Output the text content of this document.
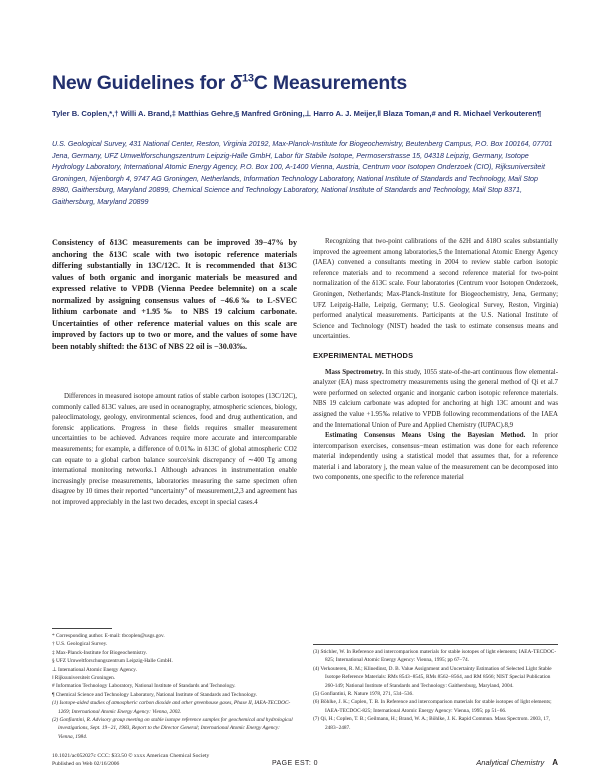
New Guidelines for $\delta^{13}C$ Measurements
Tyler B. Coplen,*,† Willi A. Brand,‡ Matthias Gehre,§ Manfred Gröning,⊥ Harro A. J. Meijer,‖ Blaza Toman,# and R. Michael Verkouteren¶
U.S. Geological Survey, 431 National Center, Reston, Virginia 20192, Max-Planck-Institute for Biogeochemistry, Beutenberg Campus, P.O. Box 100164, 07701 Jena, Germany, UFZ Umweltforschungszentrum Leipzig-Halle GmbH, Labor für Stabile Isotope, Permoserstrasse 15, 04318 Leipzig, Germany, Isotope Hydrology Laboratory, International Atomic Energy Agency, P.O. Box 100, A-1400 Vienna, Austria, Centrum voor Isotopen Onderzoek (CIO), Rijksuniversiteit Groningen, Nijenborgh 4, 9747 AG Groningen, Netherlands, Information Technology Laboratory, National Institute of Standards and Technology, Mail Stop 8980, Gaithersburg, Maryland 20899, Chemical Science and Technology Laboratory, National Institute of Standards and Technology, Mail Stop 8371, Gaithersburg, Maryland 20899
Consistency of δ13C measurements can be improved 39−47% by anchoring the δ13C scale with two isotopic reference materials differing substantially in 13C/12C. It is recommended that δ13C values of both organic and inorganic materials be measured and expressed relative to VPDB (Vienna Peedee belemnite) on a scale normalized by assigning consensus values of −46.6‰ to L-SVEC lithium carbonate and +1.95‰ to NBS 19 calcium carbonate. Uncertainties of other reference material values on this scale are improved by factors up to two or more, and the values of some have been notably shifted: the δ13C of NBS 22 oil is −30.03‰.

Differences in measured isotope amount ratios of stable carbon isotopes (13C/12C), commonly called δ13C values, are used in oceanography, atmospheric sciences, biology, paleoclimatology, geology, environmental sciences, food and drug authentication, and forensic applications. Progress in these fields requires smaller measurement uncertainties to be achieved. Advances require more accurate and intercomparable measurements; for example, a difference of 0.01‰ in δ13C of global atmospheric CO2 can equate to a global carbon balance source/sink discrepancy of ∼400 Tg among international monitoring networks.1 Although advances in instrumentation enable increasingly precise measurements, laboratories measuring the same specimen often disagree by 10 times their reported “uncertainty” of measurement,2,3 and agreement has not improved appreciably in the last two decades, except in special cases.4

Recognizing that two-point calibrations of the δ2H and δ18O scales substantially improved the agreement among laboratories,5 the International Atomic Energy Agency (IAEA) convened a consultants meeting in 2004 to review stable carbon isotopic reference materials and to recommend a second reference material for two-point normalization of the δ13C scale. Four laboratories (Centrum voor Isotopen Onderzoek, Groningen, Netherlands; Max-Planck-Institute for Biogeochemistry, Jena, Germany; UFZ Leipzig-Halle, Leipzig, Germany; U.S. Geological Survey, Reston, Virginia) performed analytical measurements. Participants at the U.S. National Institute of Science and Technology (NIST) headed the task to estimate consensus means and uncertainties.

EXPERIMENTAL METHODS

Mass Spectrometry. In this study, 1055 state-of-the-art continuous flow elemental-analyzer (EA) mass spectrometry measurements using the general method of Qi et al.7 were performed on selected organic and inorganic carbon isotopic reference materials. NBS 19 calcium carbonate was adopted for anchoring at high 13C amount and was assigned the value +1.95‰ relative to VPDB following recommendations of the IAEA and the International Union of Pure and Applied Chemistry (IUPAC).8,9

Estimating Consensus Means Using the Bayesian Method. In prior intercomparison exercises, consensus−mean estimation was done for each reference material independently using a statistical model that assumes that, for a reference material i and laboratory j, the mean value of the measurement can be decomposed into two components, one specific to the reference material

* Corresponding author. E-mail: tbcoplen@usgs.gov.
† U.S. Geological Survey.
‡ Max-Planck-Institute for Biogeochemistry.
§ UFZ Umweltforschungszentrum Leipzig-Halle GmbH.
⊥ International Atomic Energy Agency.
‖ Rijksuniversiteit Groningen.
# Information Technology Laboratory, National Institute of Standards and Technology.
¶ Chemical Science and Technology Laboratory, National Institute of Standards and Technology.
(1) Isotope-aided studies of atmospheric carbon dioxide and other greenhouse gases, Phase II, IAEA-TECDOC-1269; International Atomic Energy Agency: Vienna, 2002.
(2) Gonfiantini, R. Advisory group meeting on stable isotope reference samples for geochemical and hydrological investigations, Sept. 19−21, 1983, Report to the Director General; International Atomic Energy Agency: Vienna, 1984.
(3) Stichler, W. In Reference and intercomparison materials for stable isotopes of light elements; IAEA-TECDOC-825; International Atomic Energy Agency: Vienna, 1995; pp 67−74.
(4) Verkouteren, R. M.; Klinedinst, D. B. Value Assignment and Uncertainty Estimation of Selected Light Stable Isotope Reference Materials: RMs 8543−8545, RMs 8562−8564, and RM 8566; NIST Special Publication 260-149; National Institute of Standards and Technology: Gaithersburg, Maryland, 2004.
(5) Gonfiantini, R. Nature 1978, 271, 534−536.
(6) Böhlke, J. K.; Coplen, T. B. In Reference and intercomparison materials for stable isotopes of light elements; IAEA-TECDOC-825; International Atomic Energy Agency: Vienna, 1995; pp 51−66.
(7) Qi, H.; Coplen, T. B.; Geilmann, H.; Brand, W. A.; Böhlke, J. K. Rapid Commun. Mass Spectrom. 2003, 17, 2483−2487.
10.1021/ac052027c CCC: $33.50 © xxxx American Chemical Society
Published on Web 02/16/2006	PAGE EST: 0	Analytical Chemistry A
